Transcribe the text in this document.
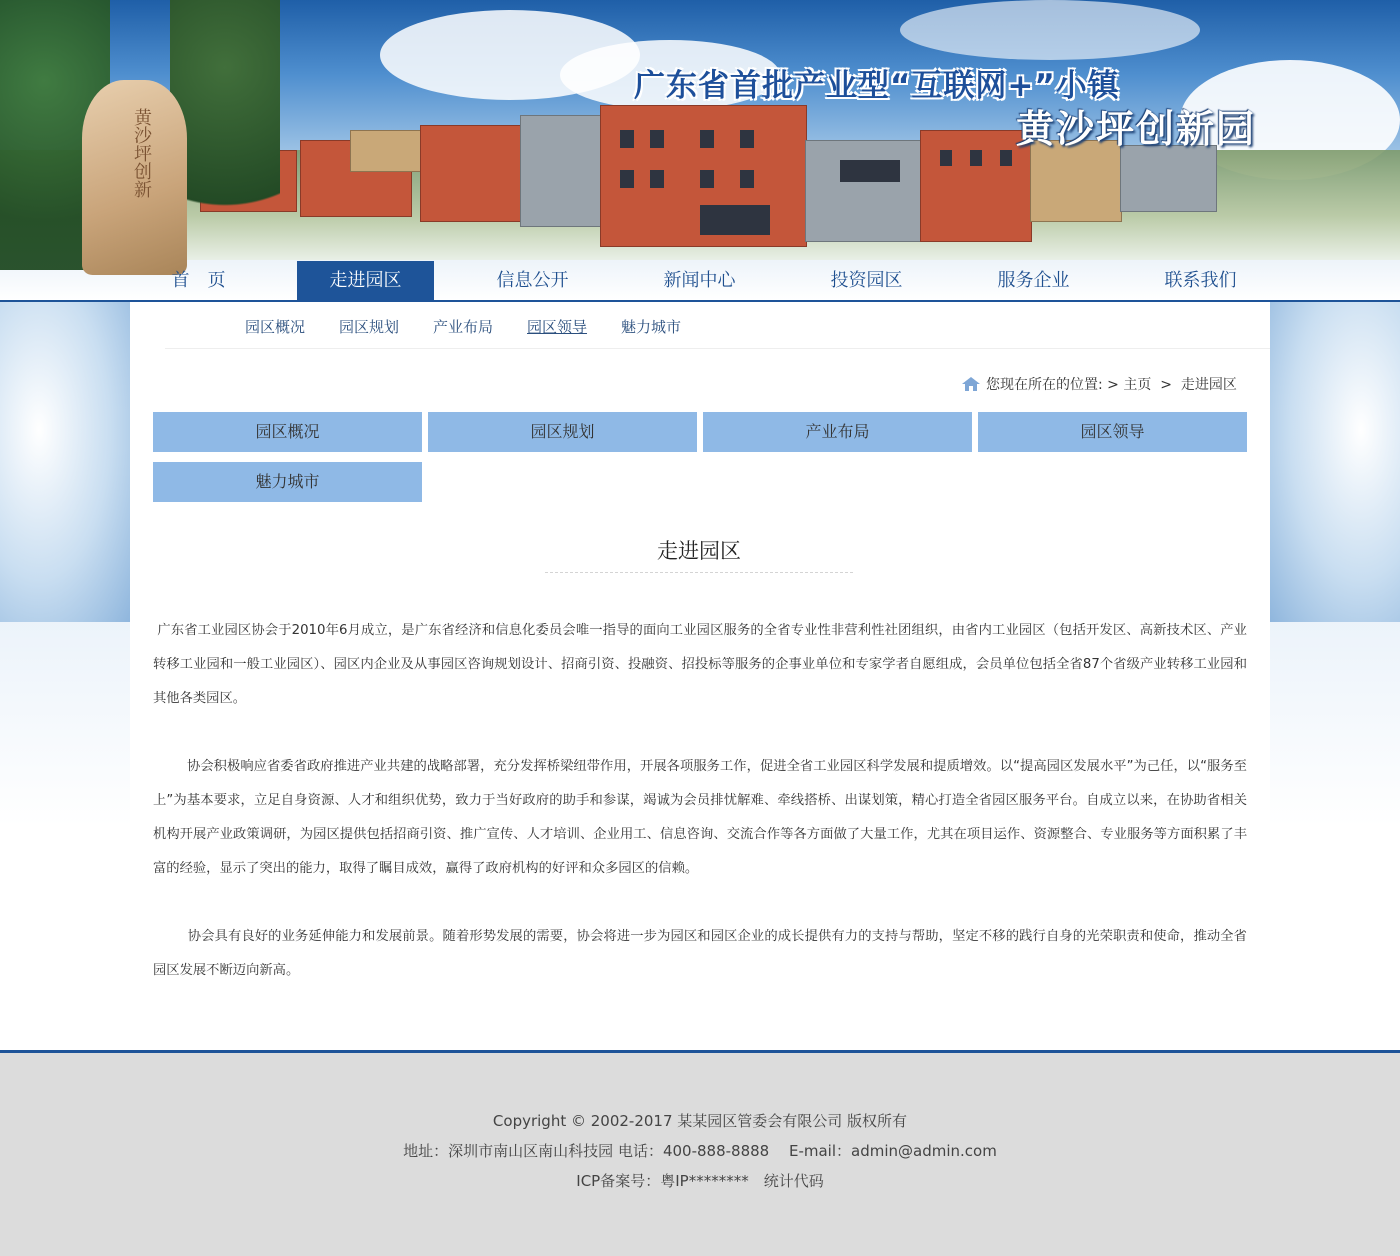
黄沙坪创新
广东省首批产业型“互联网+”小镇
黄沙坪创新园
首　页	走进园区	信息公开	新闻中心	投资园区	服务企业	联系我们
园区概况 园区规划 产业布局 园区领导 魅力城市
您现在所在的位置: > 主页 > 走进园区
园区概况	园区规划	产业布局	园区领导
魅力城市
走进园区

广东省工业园区协会于2010年6月成立，是广东省经济和信息化委员会唯一指导的面向工业园区服务的全省专业性非营利性社团组织，由省内工业园区（包括开发区、高新技术区、产业转移工业园和一般工业园区）、园区内企业及从事园区咨询规划设计、招商引资、投融资、招投标等服务的企事业单位和专家学者自愿组成，会员单位包括全省87个省级产业转移工业园和其他各类园区。

协会积极响应省委省政府推进产业共建的战略部署，充分发挥桥梁纽带作用，开展各项服务工作，促进全省工业园区科学发展和提质增效。以“提高园区发展水平”为己任，以“服务至上”为基本要求，立足自身资源、人才和组织优势，致力于当好政府的助手和参谋，竭诚为会员排忧解难、牵线搭桥、出谋划策，精心打造全省园区服务平台。自成立以来，在协助省相关机构开展产业政策调研，为园区提供包括招商引资、推广宣传、人才培训、企业用工、信息咨询、交流合作等各方面做了大量工作，尤其在项目运作、资源整合、专业服务等方面积累了丰富的经验，显示了突出的能力，取得了瞩目成效，赢得了政府机构的好评和众多园区的信赖。

协会具有良好的业务延伸能力和发展前景。随着形势发展的需要，协会将进一步为园区和园区企业的成长提供有力的支持与帮助，坚定不移的践行自身的光荣职责和使命，推动全省园区发展不断迈向新高。

Copyright © 2002-2017 某某园区管委会有限公司 版权所有
地址：深圳市南山区南山科技园 电话：400-888-8888　 E-mail：admin@admin.com
ICP备案号：粤IP********　统计代码
